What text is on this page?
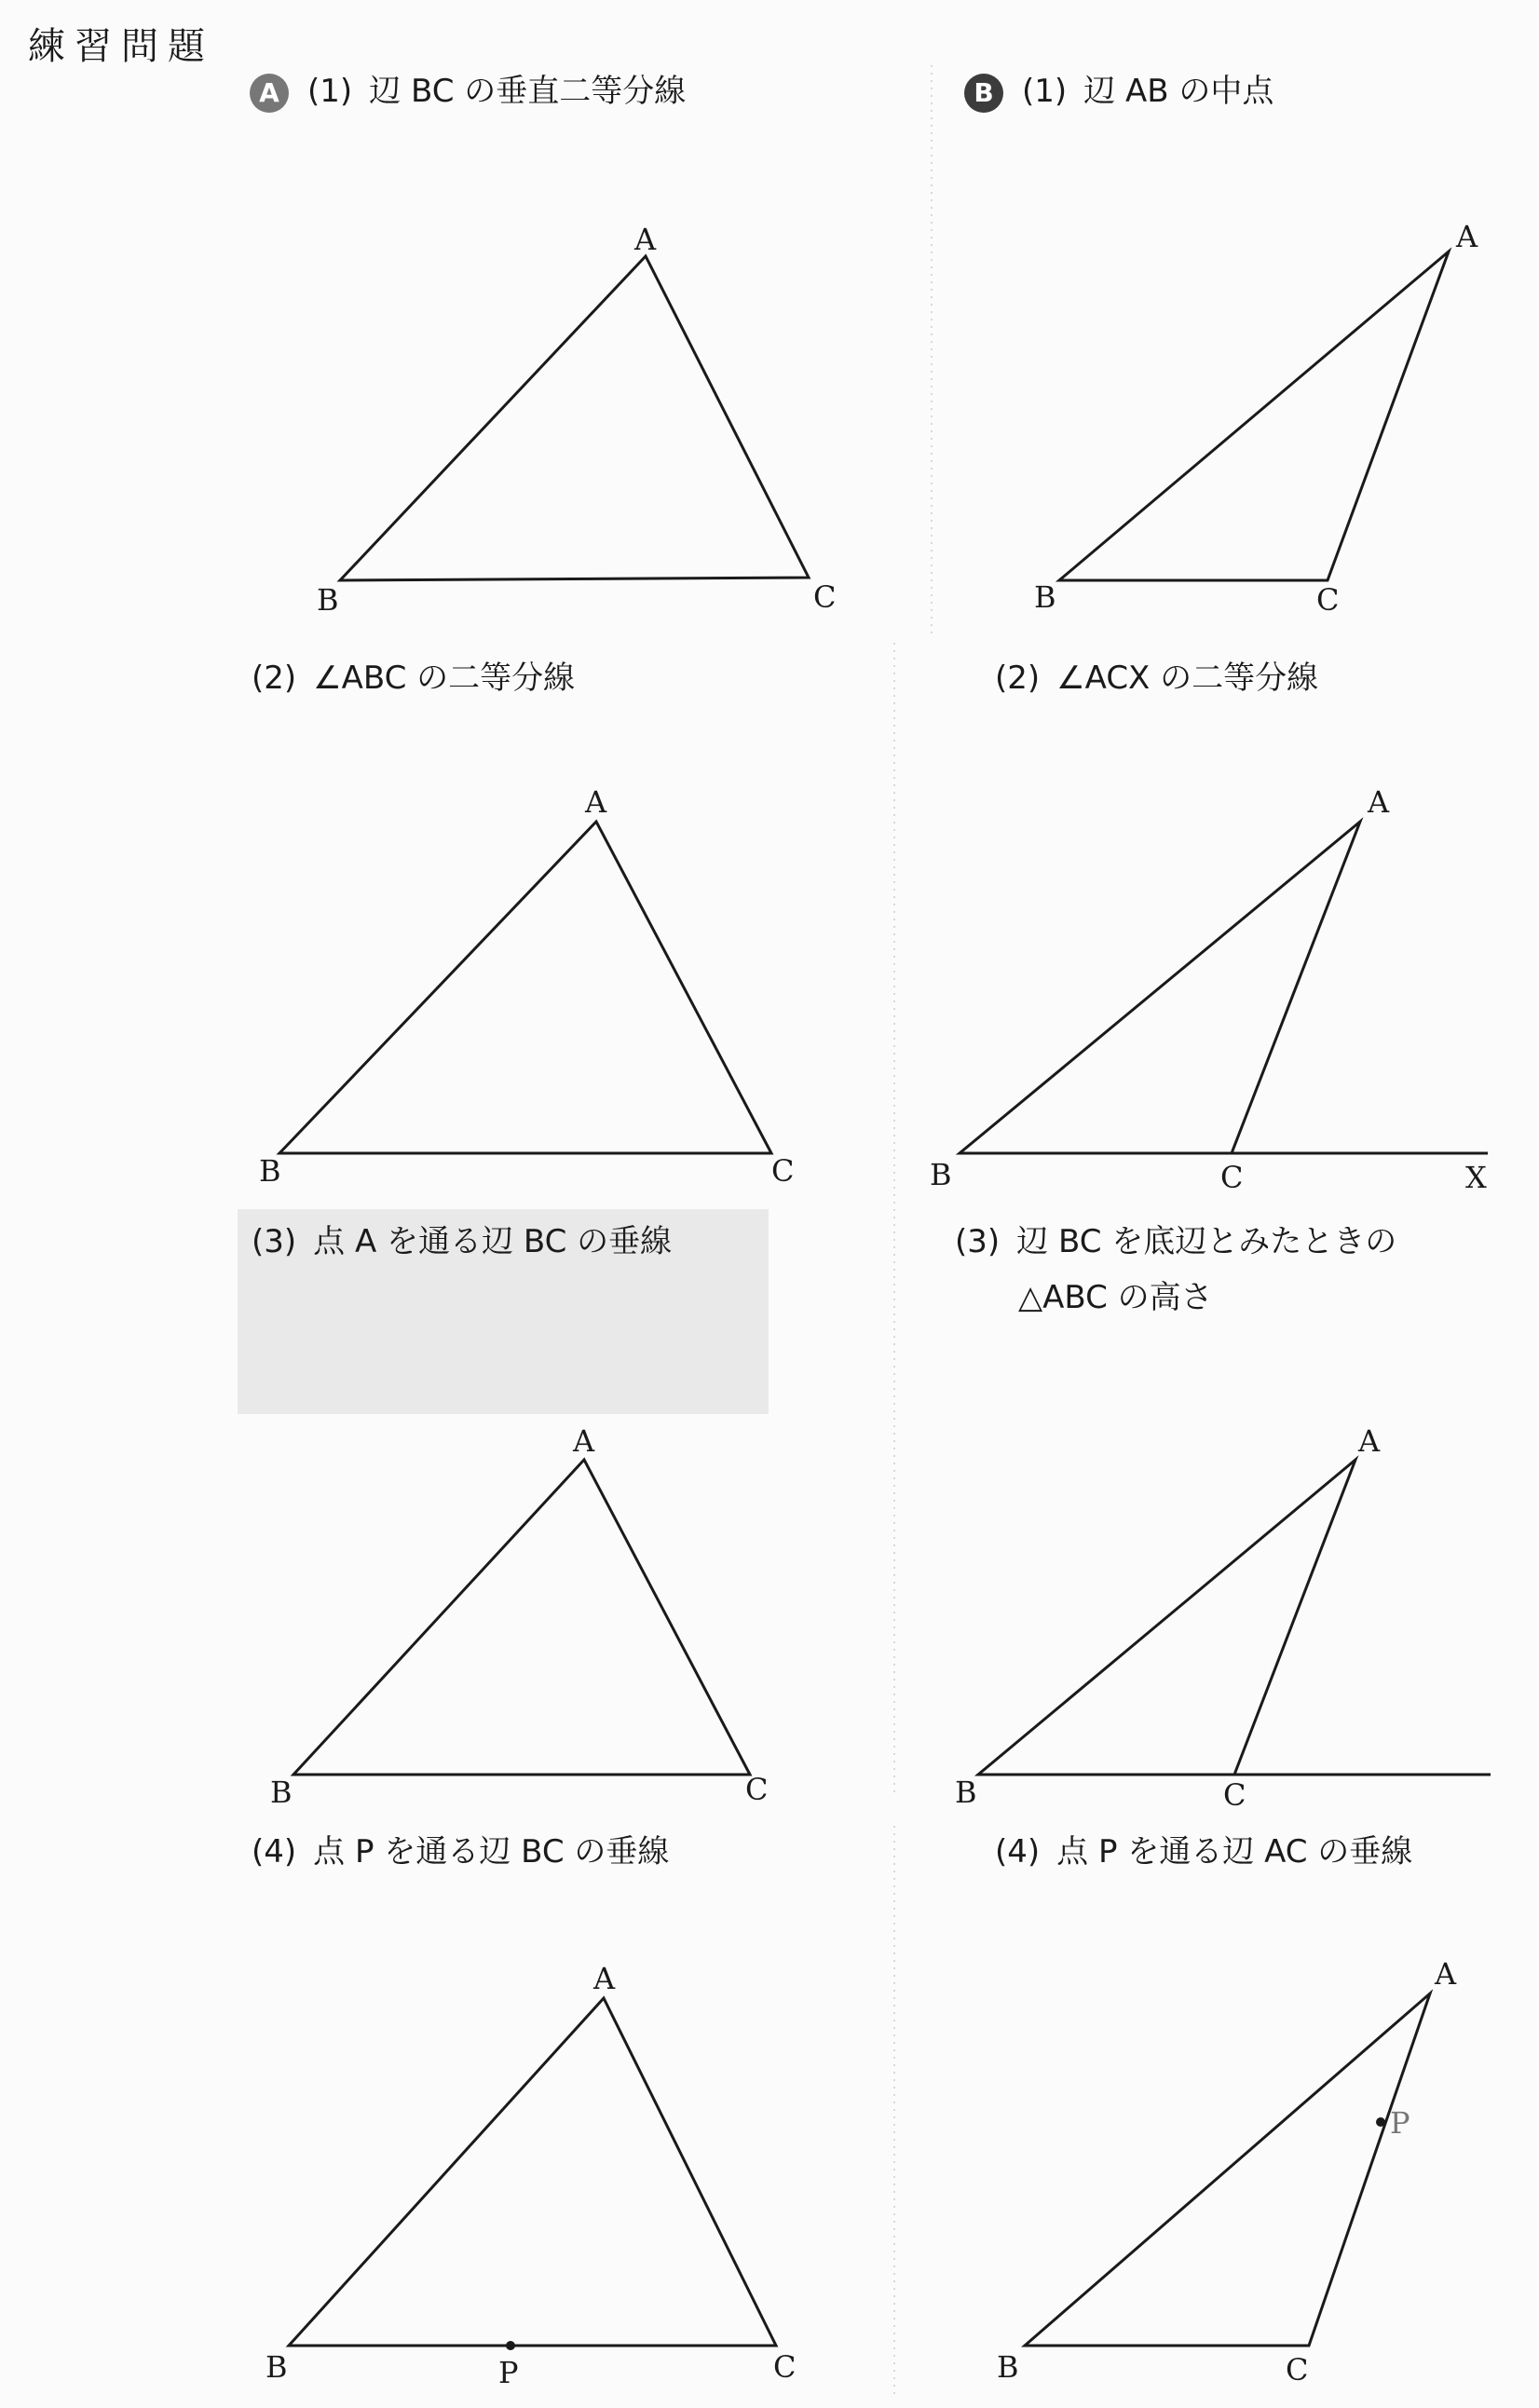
練習問題
A (1) 辺 BC の垂直二等分線
(2) ∠ABC の二等分線
(3) 点 A を通る辺 BC の垂線
(4) 点 P を通る辺 BC の垂線
B (1) 辺 AB の中点
(2) ∠ACX の二等分線
(3) 辺 BC を底辺とみたときの
△ABC の高さ
(4) 点 P を通る辺 AC の垂線
A
B	C
A
B	C
A
B	C
A
B	C	X
A
B	C
A
B	C
A
B	C
P
A
B	C
P
